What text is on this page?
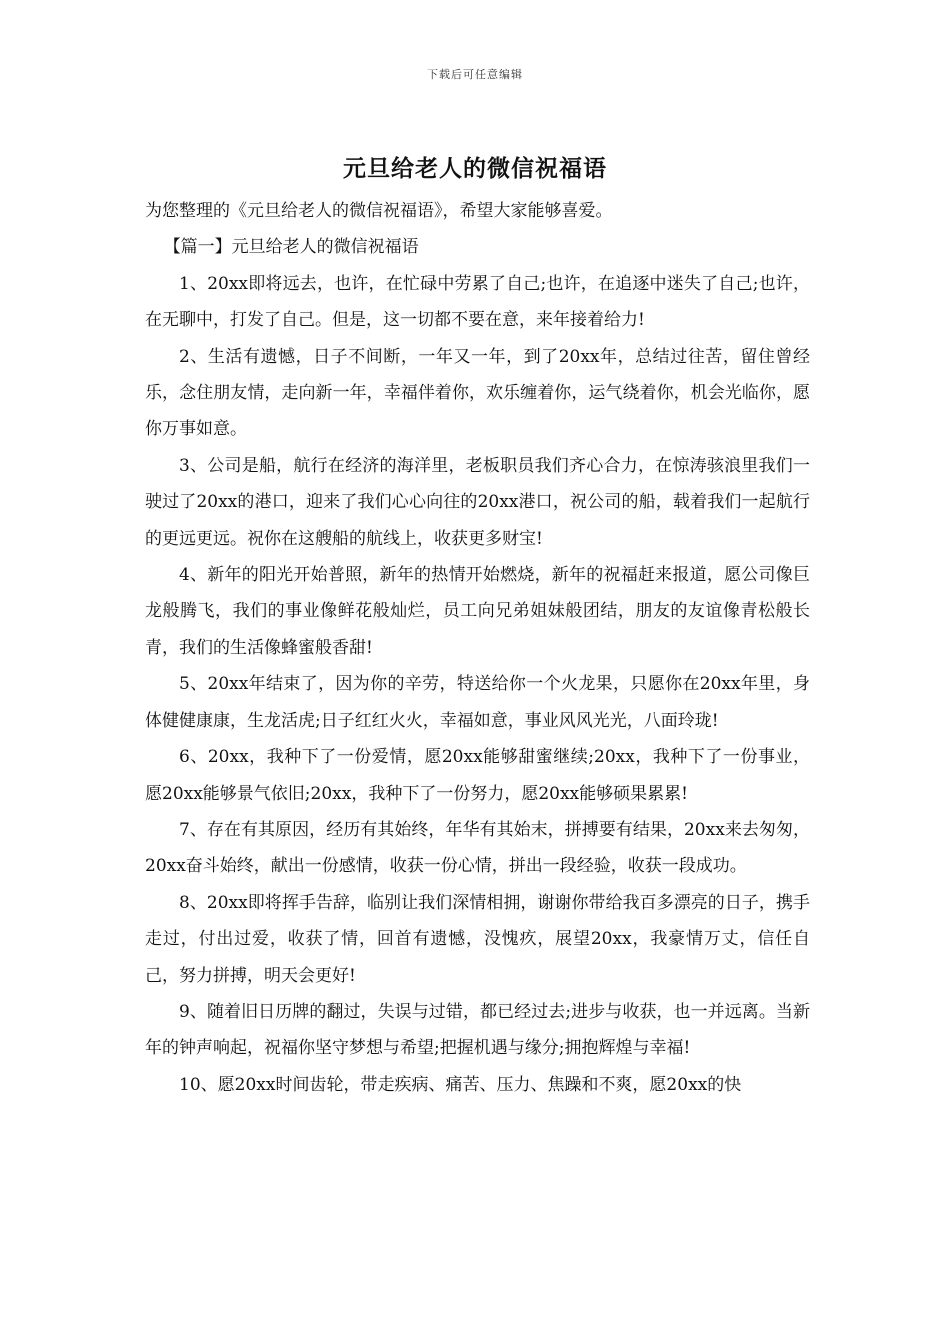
下载后可任意编辑
元旦给老人的微信祝福语

为您整理的《元旦给老人的微信祝福语》，希望大家能够喜爱。

【篇一】元旦给老人的微信祝福语

1、20xx即将远去，也许，在忙碌中劳累了自己;也许，在追逐中迷失了自己;也许，在无聊中，打发了自己。但是，这一切都不要在意，来年接着给力!

2、生活有遗憾，日子不间断，一年又一年，到了20xx年，总结过往苦，留住曾经乐，念住朋友情，走向新一年，幸福伴着你，欢乐缠着你，运气绕着你，机会光临你，愿你万事如意。

3、公司是船，航行在经济的海洋里，老板职员我们齐心合力，在惊涛骇浪里我们一驶过了20xx的港口，迎来了我们心心向往的20xx港口，祝公司的船，载着我们一起航行的更远更远。祝你在这艘船的航线上，收获更多财宝!

4、新年的阳光开始普照，新年的热情开始燃烧，新年的祝福赶来报道，愿公司像巨龙般腾飞，我们的事业像鲜花般灿烂，员工向兄弟姐妹般团结，朋友的友谊像青松般长青，我们的生活像蜂蜜般香甜!

5、20xx年结束了，因为你的辛劳，特送给你一个火龙果，只愿你在20xx年里，身体健健康康，生龙活虎;日子红红火火，幸福如意，事业风风光光，八面玲珑!

6、20xx，我种下了一份爱情，愿20xx能够甜蜜继续;20xx，我种下了一份事业，愿20xx能够景气依旧;20xx，我种下了一份努力，愿20xx能够硕果累累!

7、存在有其原因，经历有其始终，年华有其始末，拼搏要有结果，20xx来去匆匆，20xx奋斗始终，献出一份感情，收获一份心情，拼出一段经验，收获一段成功。

8、20xx即将挥手告辞，临别让我们深情相拥，谢谢你带给我百多漂亮的日子，携手走过，付出过爱，收获了情，回首有遗憾，没愧疚，展望20xx，我豪情万丈，信任自己，努力拼搏，明天会更好!

9、随着旧日历牌的翻过，失误与过错，都已经过去;进步与收获，也一并远离。当新年的钟声响起，祝福你坚守梦想与希望;把握机遇与缘分;拥抱辉煌与幸福!

10、愿20xx时间齿轮，带走疾病、痛苦、压力、焦躁和不爽，愿20xx的快
